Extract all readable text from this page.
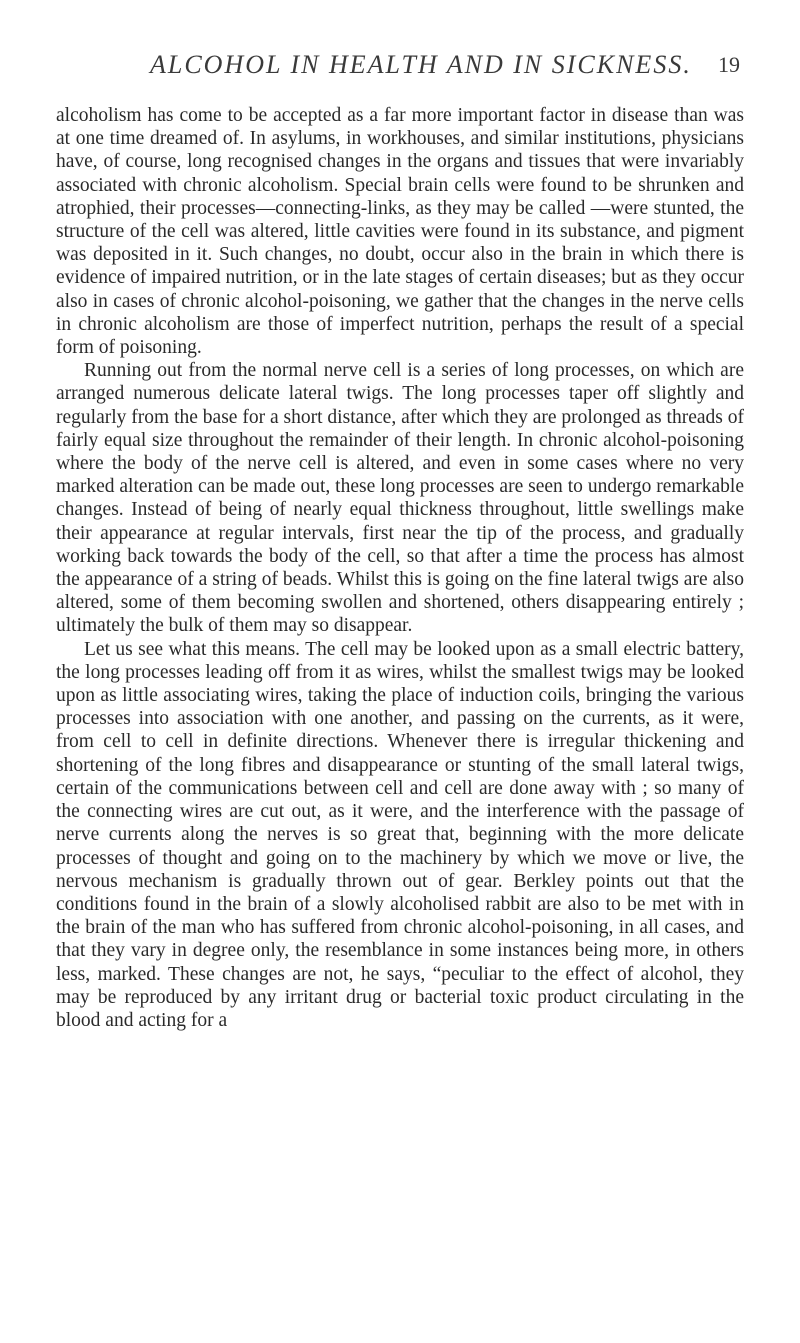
ALCOHOL IN HEALTH AND IN SICKNESS. 19

alcoholism has come to be accepted as a far more important factor in disease than was at one time dreamed of. In asylums, in workhouses, and similar institutions, physicians have, of course, long recognised changes in the organs and tissues that were invariably associated with chronic alcoholism. Special brain cells were found to be shrunken and atrophied, their processes—connecting-links, as they may be called —were stunted, the structure of the cell was altered, little cavities were found in its substance, and pigment was deposited in it. Such changes, no doubt, occur also in the brain in which there is evidence of impaired nutrition, or in the late stages of certain diseases; but as they occur also in cases of chronic alcohol-poisoning, we gather that the changes in the nerve cells in chronic alcoholism are those of imperfect nutrition, perhaps the result of a special form of poisoning.

Running out from the normal nerve cell is a series of long processes, on which are arranged numerous delicate lateral twigs. The long processes taper off slightly and regularly from the base for a short distance, after which they are prolonged as threads of fairly equal size throughout the remainder of their length. In chronic alcohol-poisoning where the body of the nerve cell is altered, and even in some cases where no very marked alteration can be made out, these long processes are seen to undergo remarkable changes. Instead of being of nearly equal thickness throughout, little swellings make their appearance at regular intervals, first near the tip of the process, and gradually working back towards the body of the cell, so that after a time the process has almost the appearance of a string of beads. Whilst this is going on the fine lateral twigs are also altered, some of them becoming swollen and shortened, others disappearing entirely ; ultimately the bulk of them may so disappear.

Let us see what this means. The cell may be looked upon as a small electric battery, the long processes leading off from it as wires, whilst the smallest twigs may be looked upon as little associating wires, taking the place of induction coils, bringing the various processes into association with one another, and passing on the currents, as it were, from cell to cell in definite directions. Whenever there is irregular thickening and shortening of the long fibres and disappearance or stunting of the small lateral twigs, certain of the communications between cell and cell are done away with ; so many of the connecting wires are cut out, as it were, and the interference with the passage of nerve currents along the nerves is so great that, beginning with the more delicate processes of thought and going on to the machinery by which we move or live, the nervous mechanism is gradually thrown out of gear. Berkley points out that the conditions found in the brain of a slowly alcoholised rabbit are also to be met with in the brain of the man who has suffered from chronic alcohol-poisoning, in all cases, and that they vary in degree only, the resemblance in some instances being more, in others less, marked. These changes are not, he says, “peculiar to the effect of alcohol, they may be reproduced by any irritant drug or bacterial toxic product circulating in the blood and acting for a
